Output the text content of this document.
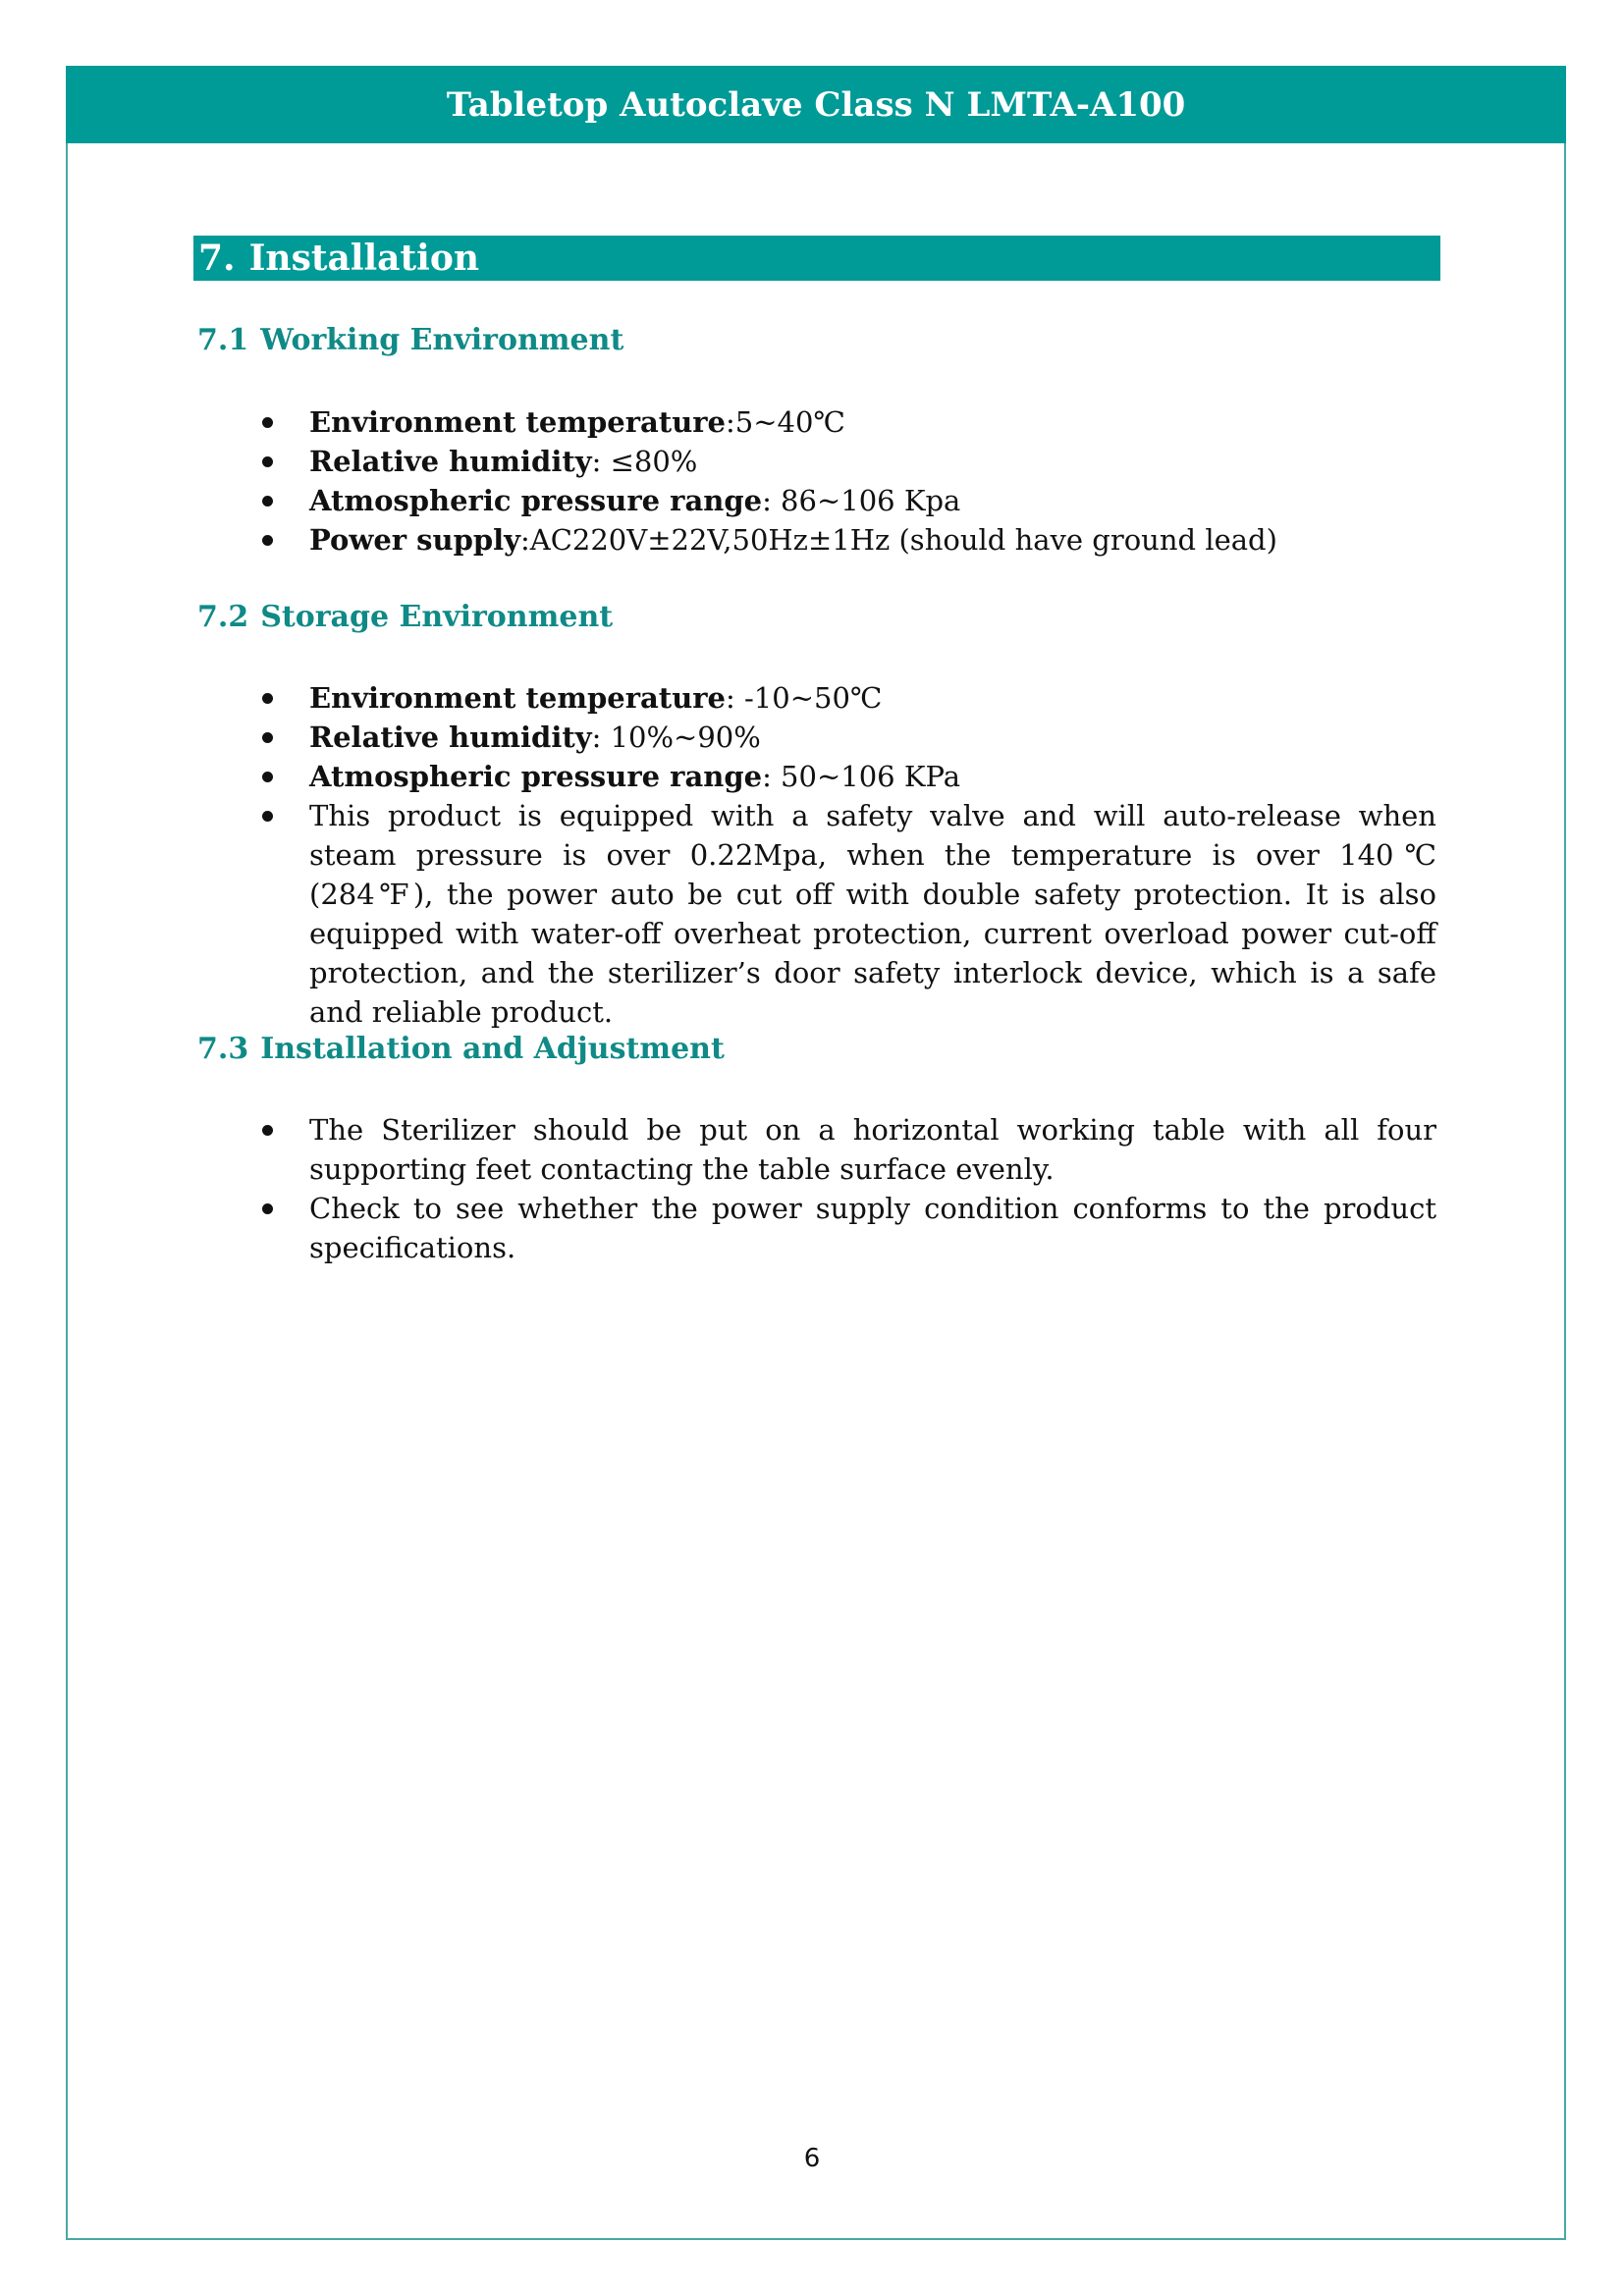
Tabletop Autoclave Class N LMTA-A100
7. Installation
7.1 Working Environment
Environment temperature:5~40℃
Relative humidity: ≤80%
Atmospheric pressure range: 86~106 Kpa
Power supply:AC220V±22V,50Hz±1Hz (should have ground lead)
7.2 Storage Environment
Environment temperature: -10~50℃
Relative humidity: 10%~90%
Atmospheric pressure range: 50~106 KPa
This product is equipped with a safety valve and will auto-release when steam pressure is over 0.22Mpa, when the temperature is over 140℃ (284℉), the power auto be cut off with double safety protection. It is also equipped with water-off overheat protection, current overload power cut-off protection, and the sterilizer’s door safety interlock device, which is a safe and reliable product.
7.3 Installation and Adjustment
The Sterilizer should be put on a horizontal working table with all four supporting feet contacting the table surface evenly.
Check to see whether the power supply condition conforms to the product specifications.
6
